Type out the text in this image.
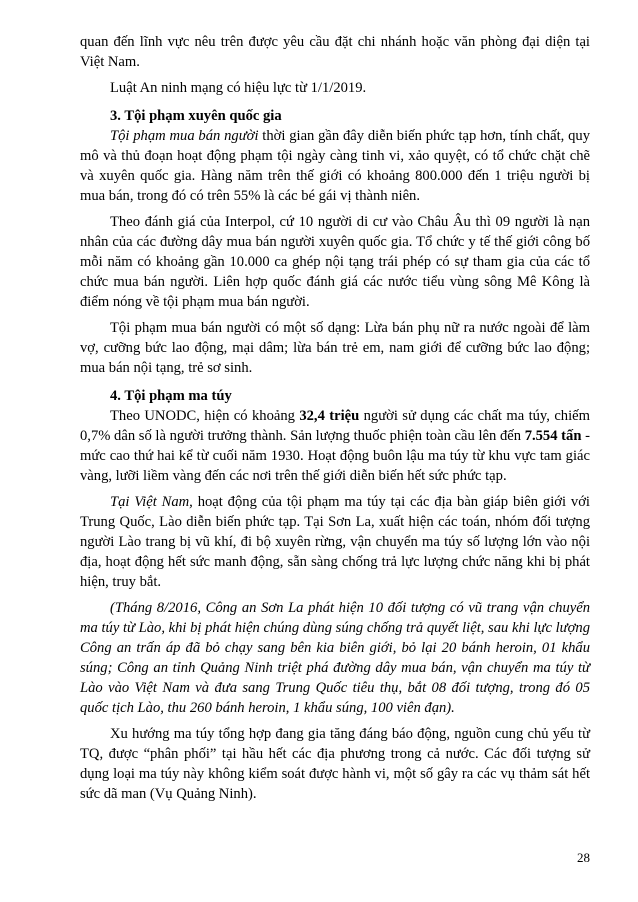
quan đến lĩnh vực nêu trên được yêu cầu đặt chi nhánh hoặc văn phòng đại diện tại Việt Nam.

Luật An ninh mạng có hiệu lực từ 1/1/2019.

3. Tội phạm xuyên quốc gia

Tội phạm mua bán người thời gian gần đây diễn biến phức tạp hơn, tính chất, quy mô và thủ đoạn hoạt động phạm tội ngày càng tinh vi, xảo quyệt, có tổ chức chặt chẽ và xuyên quốc gia. Hàng năm trên thế giới có khoảng 800.000 đến 1 triệu người bị mua bán, trong đó có trên 55% là các bé gái vị thành niên.

Theo đánh giá của Interpol, cứ 10 người di cư vào Châu Âu thì 09 người là nạn nhân của các đường dây mua bán người xuyên quốc gia. Tổ chức y tế thế giới công bố mỗi năm có khoảng gần 10.000 ca ghép nội tạng trái phép có sự tham gia của các tổ chức mua bán người. Liên hợp quốc đánh giá các nước tiểu vùng sông Mê Kông là điểm nóng về tội phạm mua bán người.

Tội phạm mua bán người có một số dạng: Lừa bán phụ nữ ra nước ngoài để làm vợ, cưỡng bức lao động, mại dâm; lừa bán trẻ em, nam giới để cưỡng bức lao động; mua bán nội tạng, trẻ sơ sinh.

4. Tội phạm ma túy

Theo UNODC, hiện có khoảng 32,4 triệu người sử dụng các chất ma túy, chiếm 0,7% dân số là người trưởng thành. Sản lượng thuốc phiện toàn cầu lên đến 7.554 tấn - mức cao thứ hai kể từ cuối năm 1930. Hoạt động buôn lậu ma túy từ khu vực tam giác vàng, lưỡi liềm vàng đến các nơi trên thế giới diễn biến hết sức phức tạp.

Tại Việt Nam, hoạt động của tội phạm ma túy tại các địa bàn giáp biên giới với Trung Quốc, Lào diễn biến phức tạp. Tại Sơn La, xuất hiện các toán, nhóm đối tượng người Lào trang bị vũ khí, đi bộ xuyên rừng, vận chuyển ma túy số lượng lớn vào nội địa, hoạt động hết sức manh động, sẵn sàng chống trả lực lượng chức năng khi bị phát hiện, truy bắt.

(Tháng 8/2016, Công an Sơn La phát hiện 10 đối tượng có vũ trang vận chuyển ma túy từ Lào, khi bị phát hiện chúng dùng súng chống trả quyết liệt, sau khi lực lượng Công an trấn áp đã bỏ chạy sang bên kia biên giới, bỏ lại 20 bánh heroin, 01 khẩu súng; Công an tỉnh Quảng Ninh triệt phá đường dây mua bán, vận chuyển ma túy từ Lào vào Việt Nam và đưa sang Trung Quốc tiêu thụ, bắt 08 đối tượng, trong đó 05 quốc tịch Lào, thu 260 bánh heroin, 1 khẩu súng, 100 viên đạn).

Xu hướng ma túy tổng hợp đang gia tăng đáng báo động, nguồn cung chủ yếu từ TQ, được “phân phối” tại hầu hết các địa phương trong cả nước. Các đối tượng sử dụng loại ma túy này không kiểm soát được hành vi, một số gây ra các vụ thảm sát hết sức dã man (Vụ Quảng Ninh).

28
